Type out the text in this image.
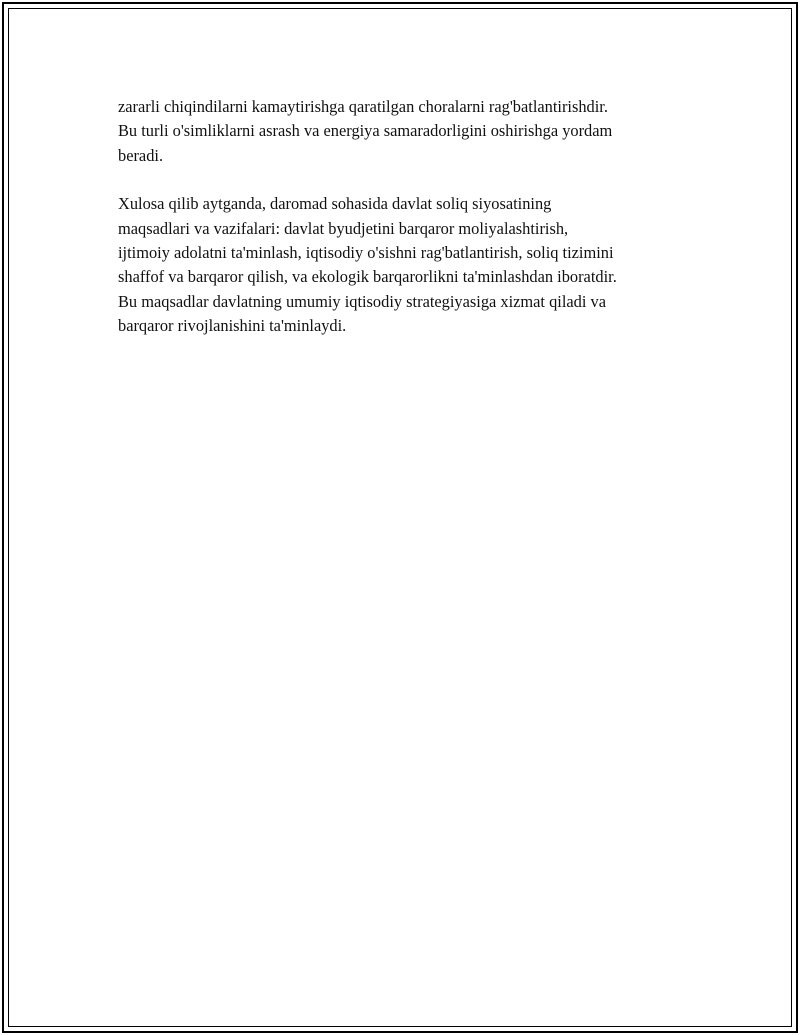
zararli chiqindilarni kamaytirishga qaratilgan choralarni rag'batlantirishdir.
Bu turli o'simliklarni asrash va energiya samaradorligini oshirishga yordam
beradi.

Xulosa qilib aytganda, daromad sohasida davlat soliq siyosatining
maqsadlari va vazifalari: davlat byudjetini barqaror moliyalashtirish,
ijtimoiy adolatni ta'minlash, iqtisodiy o'sishni rag'batlantirish, soliq tizimini
shaffof va barqaror qilish, va ekologik barqarorlikni ta'minlashdan iboratdir.
Bu maqsadlar davlatning umumiy iqtisodiy strategiyasiga xizmat qiladi va
barqaror rivojlanishini ta'minlaydi.
